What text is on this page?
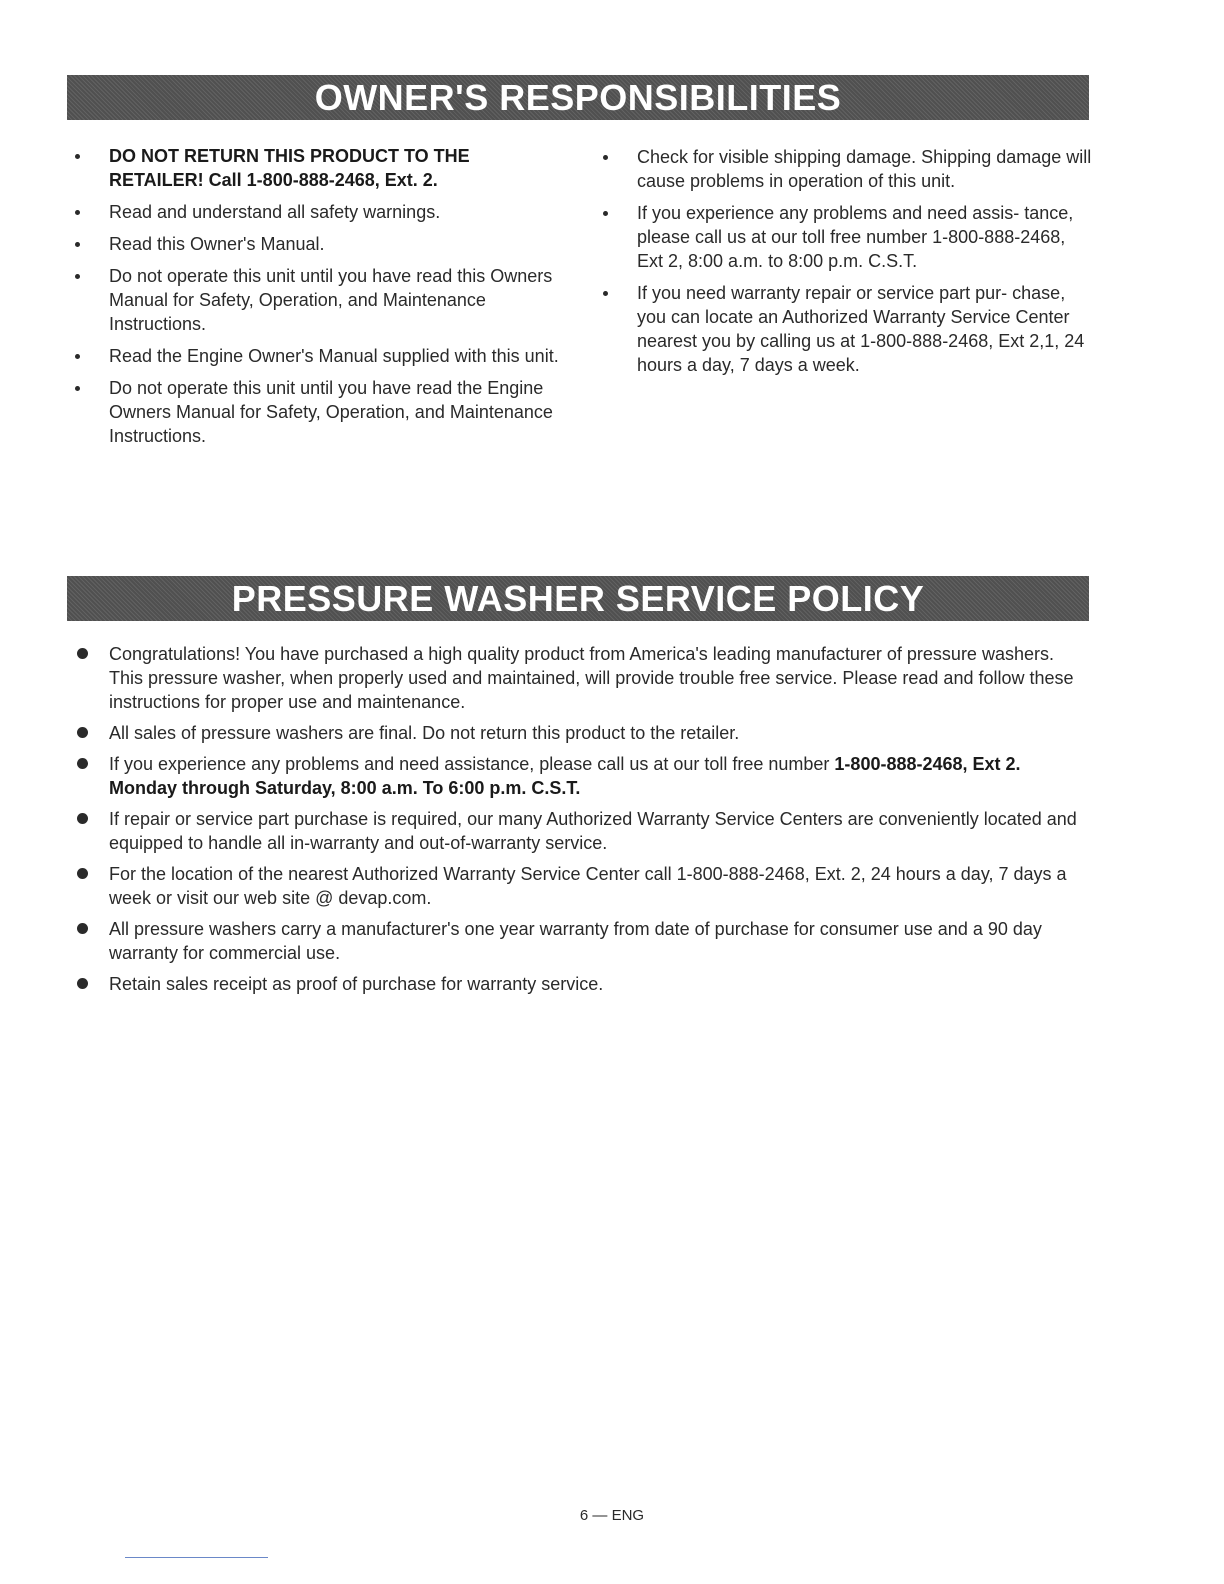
OWNER'S RESPONSIBILITIES
DO NOT RETURN THIS PRODUCT TO THE RETAILER! Call 1-800-888-2468, Ext. 2.
Read and understand all safety warnings.
Read this Owner's Manual.
Do not operate this unit until you have read this Owners Manual for Safety, Operation, and Maintenance Instructions.
Read the Engine Owner's Manual supplied with this unit.
Do not operate this unit until you have read the Engine Owners Manual for Safety, Operation, and Maintenance Instructions.
Check for visible shipping damage. Shipping damage will cause problems in operation of this unit.
If you experience any problems and need assis- tance, please call us at our toll free number 1-800-888-2468, Ext 2, 8:00 a.m. to 8:00 p.m. C.S.T.
If you need warranty repair or service part pur- chase, you can locate an Authorized Warranty Service Center nearest you by calling us at 1-800-888-2468, Ext 2,1, 24 hours a day, 7 days a week.
PRESSURE WASHER SERVICE POLICY
Congratulations! You have purchased a high quality product from America's leading manufacturer of pressure washers. This pressure washer, when properly used and maintained, will provide trouble free service. Please read and follow these instructions for proper use and maintenance.
All sales of pressure washers are final. Do not return this product to the retailer.
If you experience any problems and need assistance, please call us at our toll free number 1-800-888-2468, Ext 2. Monday through Saturday, 8:00 a.m. To 6:00 p.m. C.S.T.
If repair or service part purchase is required, our many Authorized Warranty Service Centers are conveniently located and equipped to handle all in-warranty and out-of-warranty service.
For the location of the nearest Authorized Warranty Service Center call 1-800-888-2468, Ext. 2, 24 hours a day, 7 days a week or visit our web site @ devap.com.
All pressure washers carry a manufacturer's one year warranty from date of purchase for consumer use and a 90 day warranty for commercial use.
Retain sales receipt as proof of purchase for warranty service.
6 — ENG
